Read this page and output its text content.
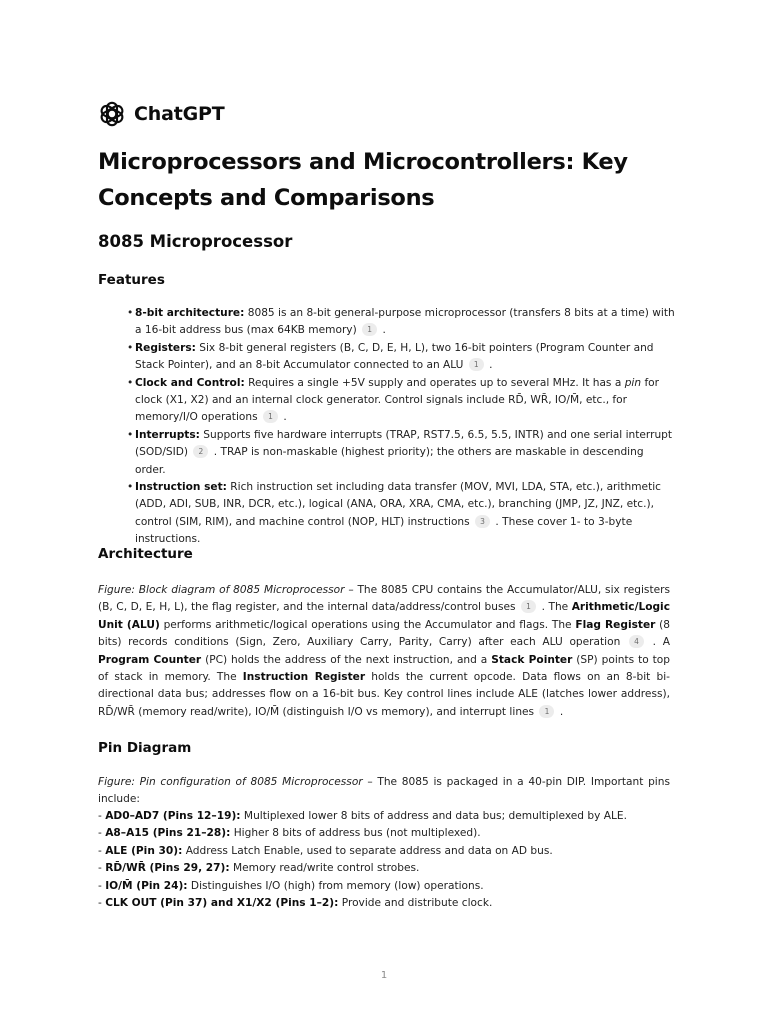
ChatGPT
Microprocessors and Microcontrollers: Key Concepts and Comparisons
8085 Microprocessor
Features
• 8-bit architecture: 8085 is an 8-bit general-purpose microprocessor (transfers 8 bits at a time) with a 16-bit address bus (max 64KB memory) 1 .
• Registers: Six 8-bit general registers (B, C, D, E, H, L), two 16-bit pointers (Program Counter and Stack Pointer), and an 8-bit Accumulator connected to an ALU 1 .
• Clock and Control: Requires a single +5V supply and operates up to several MHz. It has a pin for clock (X1, X2) and an internal clock generator. Control signals include RD̄, WR̄, IO/M̄, etc., for memory/I/O operations 1 .
• Interrupts: Supports five hardware interrupts (TRAP, RST7.5, 6.5, 5.5, INTR) and one serial interrupt (SOD/SID) 2 . TRAP is non-maskable (highest priority); the others are maskable in descending order.
• Instruction set: Rich instruction set including data transfer (MOV, MVI, LDA, STA, etc.), arithmetic (ADD, ADI, SUB, INR, DCR, etc.), logical (ANA, ORA, XRA, CMA, etc.), branching (JMP, JZ, JNZ, etc.), control (SIM, RIM), and machine control (NOP, HLT) instructions 3 . These cover 1- to 3-byte instructions.
Architecture

Figure: Block diagram of 8085 Microprocessor – The 8085 CPU contains the Accumulator/ALU, six registers (B, C, D, E, H, L), the flag register, and the internal data/address/control buses 1 . The Arithmetic/Logic Unit (ALU) performs arithmetic/logical operations using the Accumulator and flags. The Flag Register (8 bits) records conditions (Sign, Zero, Auxiliary Carry, Parity, Carry) after each ALU operation 4 . A Program Counter (PC) holds the address of the next instruction, and a Stack Pointer (SP) points to top of stack in memory. The Instruction Register holds the current opcode. Data flows on an 8-bit bi-directional data bus; addresses flow on a 16-bit bus. Key control lines include ALE (latches lower address), RD̄/WR̄ (memory read/write), IO/M̄ (distinguish I/O vs memory), and interrupt lines 1 .

Pin Diagram

Figure: Pin configuration of 8085 Microprocessor – The 8085 is packaged in a 40-pin DIP. Important pins include:

- AD0–AD7 (Pins 12–19): Multiplexed lower 8 bits of address and data bus; demultiplexed by ALE.
- A8–A15 (Pins 21–28): Higher 8 bits of address bus (not multiplexed).
- ALE (Pin 30): Address Latch Enable, used to separate address and data on AD bus.
- RD̄/WR̄ (Pins 29, 27): Memory read/write control strobes.
- IO/M̄ (Pin 24): Distinguishes I/O (high) from memory (low) operations.
- CLK OUT (Pin 37) and X1/X2 (Pins 1–2): Provide and distribute clock.
1
